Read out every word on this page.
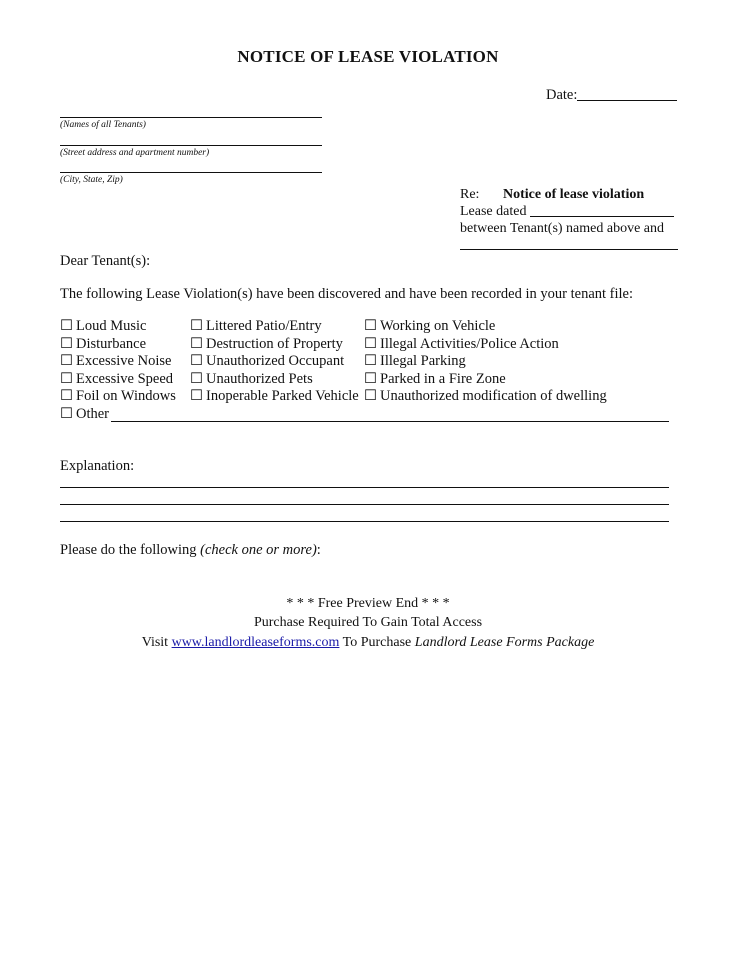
NOTICE OF LEASE VIOLATION
Date:
(Names of all Tenants)
(Street address and apartment number)
(City, State, Zip)
Re: Notice of lease violation
Lease dated
between Tenant(s) named above and
Dear Tenant(s):
The following Lease Violation(s) have been discovered and have been recorded in your tenant file:
☐ Loud Music
☐ Disturbance
☐ Excessive Noise
☐ Excessive Speed
☐ Foil on Windows
☐ Other
☐ Littered Patio/Entry
☐ Destruction of Property
☐ Unauthorized Occupant
☐ Unauthorized Pets
☐ Inoperable Parked Vehicle
☐ Working on Vehicle
☐ Illegal Activities/Police Action
☐ Illegal Parking
☐ Parked in a Fire Zone
☐ Unauthorized modification of dwelling
Explanation:
Please do the following (check one or more):
* * * Free Preview End * * *
Purchase Required To Gain Total Access
Visit www.landlordleaseforms.com To Purchase Landlord Lease Forms Package
